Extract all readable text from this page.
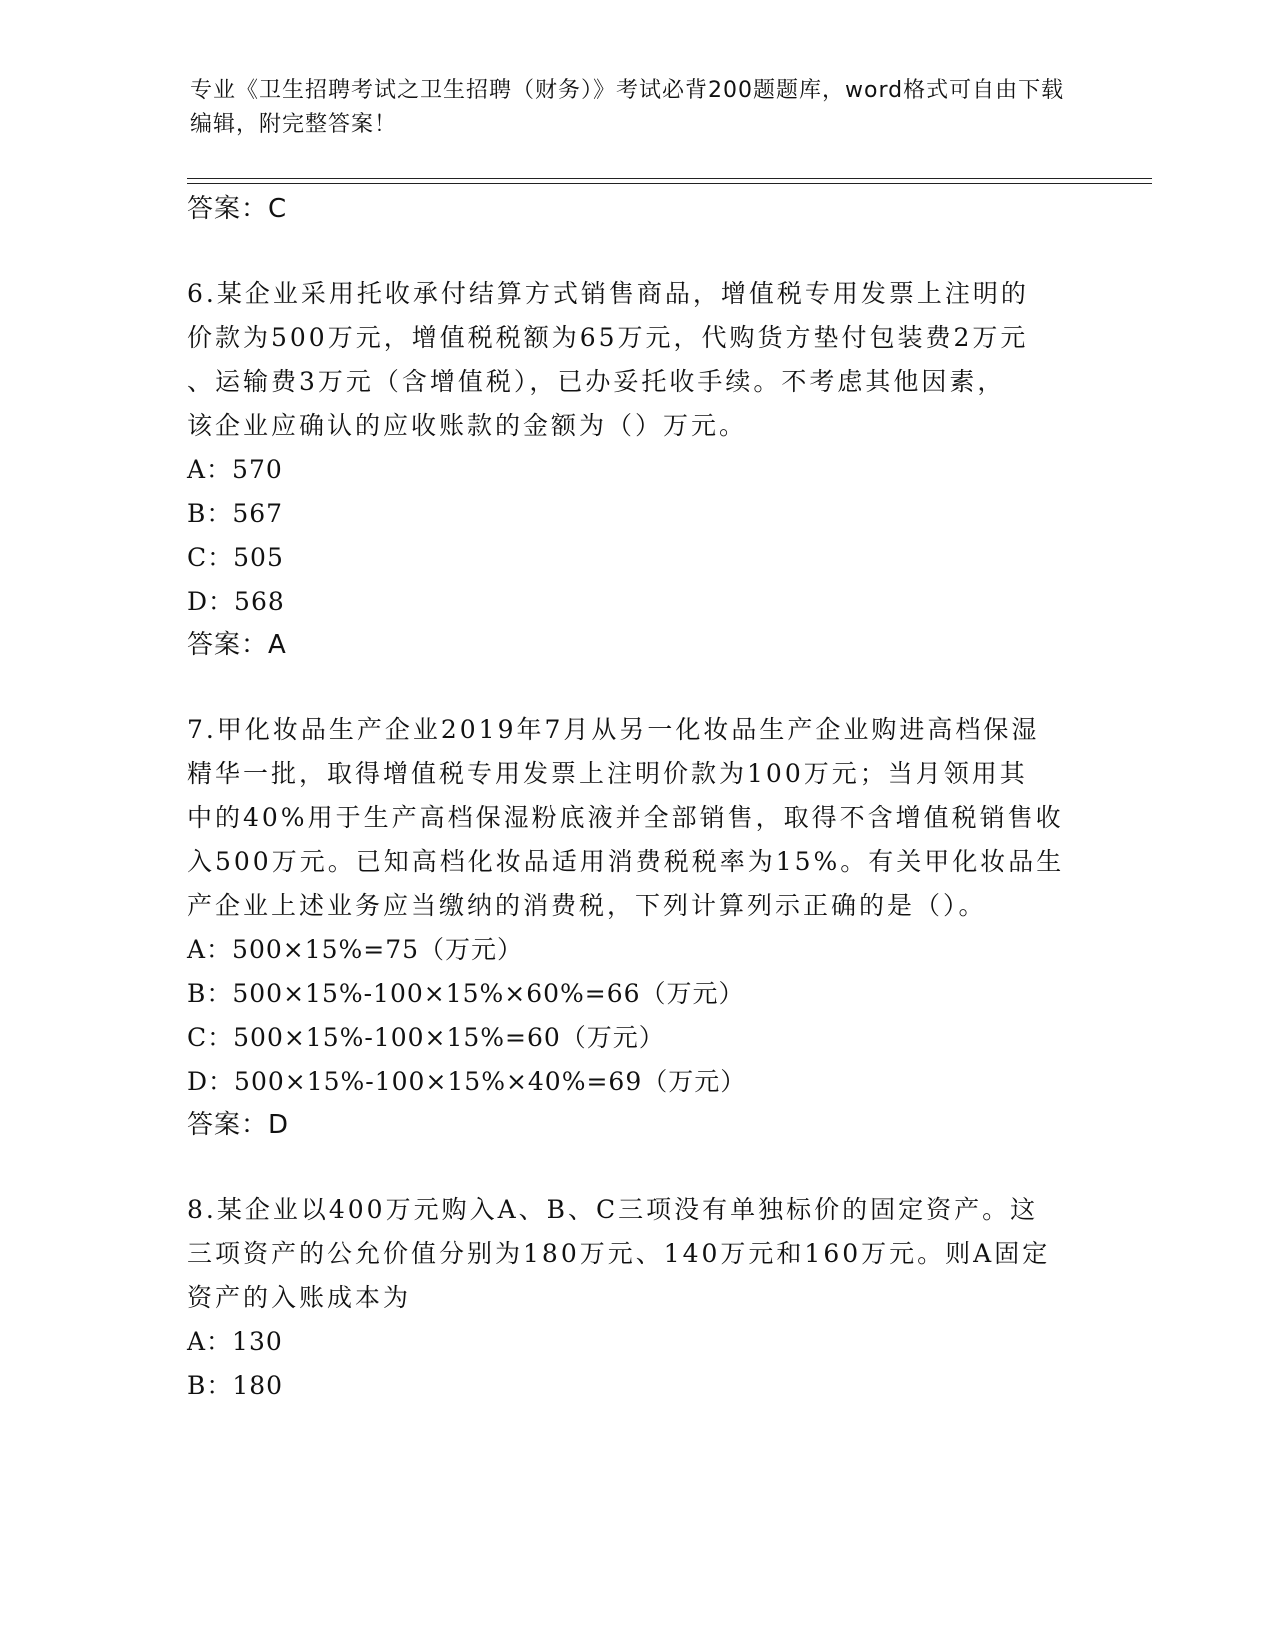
专业《卫生招聘考试之卫生招聘（财务）》考试必背200题题库，word格式可自由下载编辑，附完整答案！
答案：C
6.某企业采用托收承付结算方式销售商品，增值税专用发票上注明的
价款为500万元，增值税税额为65万元，代购货方垫付包装费2万元
、运输费3万元（含增值税），已办妥托收手续。不考虑其他因素，
该企业应确认的应收账款的金额为（）万元。
A：570
B：567
C：505
D：568
答案：A
7.甲化妆品生产企业2019年7月从另一化妆品生产企业购进高档保湿
精华一批，取得增值税专用发票上注明价款为100万元；当月领用其
中的40%用于生产高档保湿粉底液并全部销售，取得不含增值税销售收
入500万元。已知高档化妆品适用消费税税率为15%。有关甲化妆品生
产企业上述业务应当缴纳的消费税，下列计算列示正确的是（）。
A：500×15%=75（万元）
B：500×15%-100×15%×60%=66（万元）
C：500×15%-100×15%=60（万元）
D：500×15%-100×15%×40%=69（万元）
答案：D
8.某企业以400万元购入A、B、C三项没有单独标价的固定资产。这
三项资产的公允价值分别为180万元、140万元和160万元。则A固定
资产的入账成本为
A：130
B：180
